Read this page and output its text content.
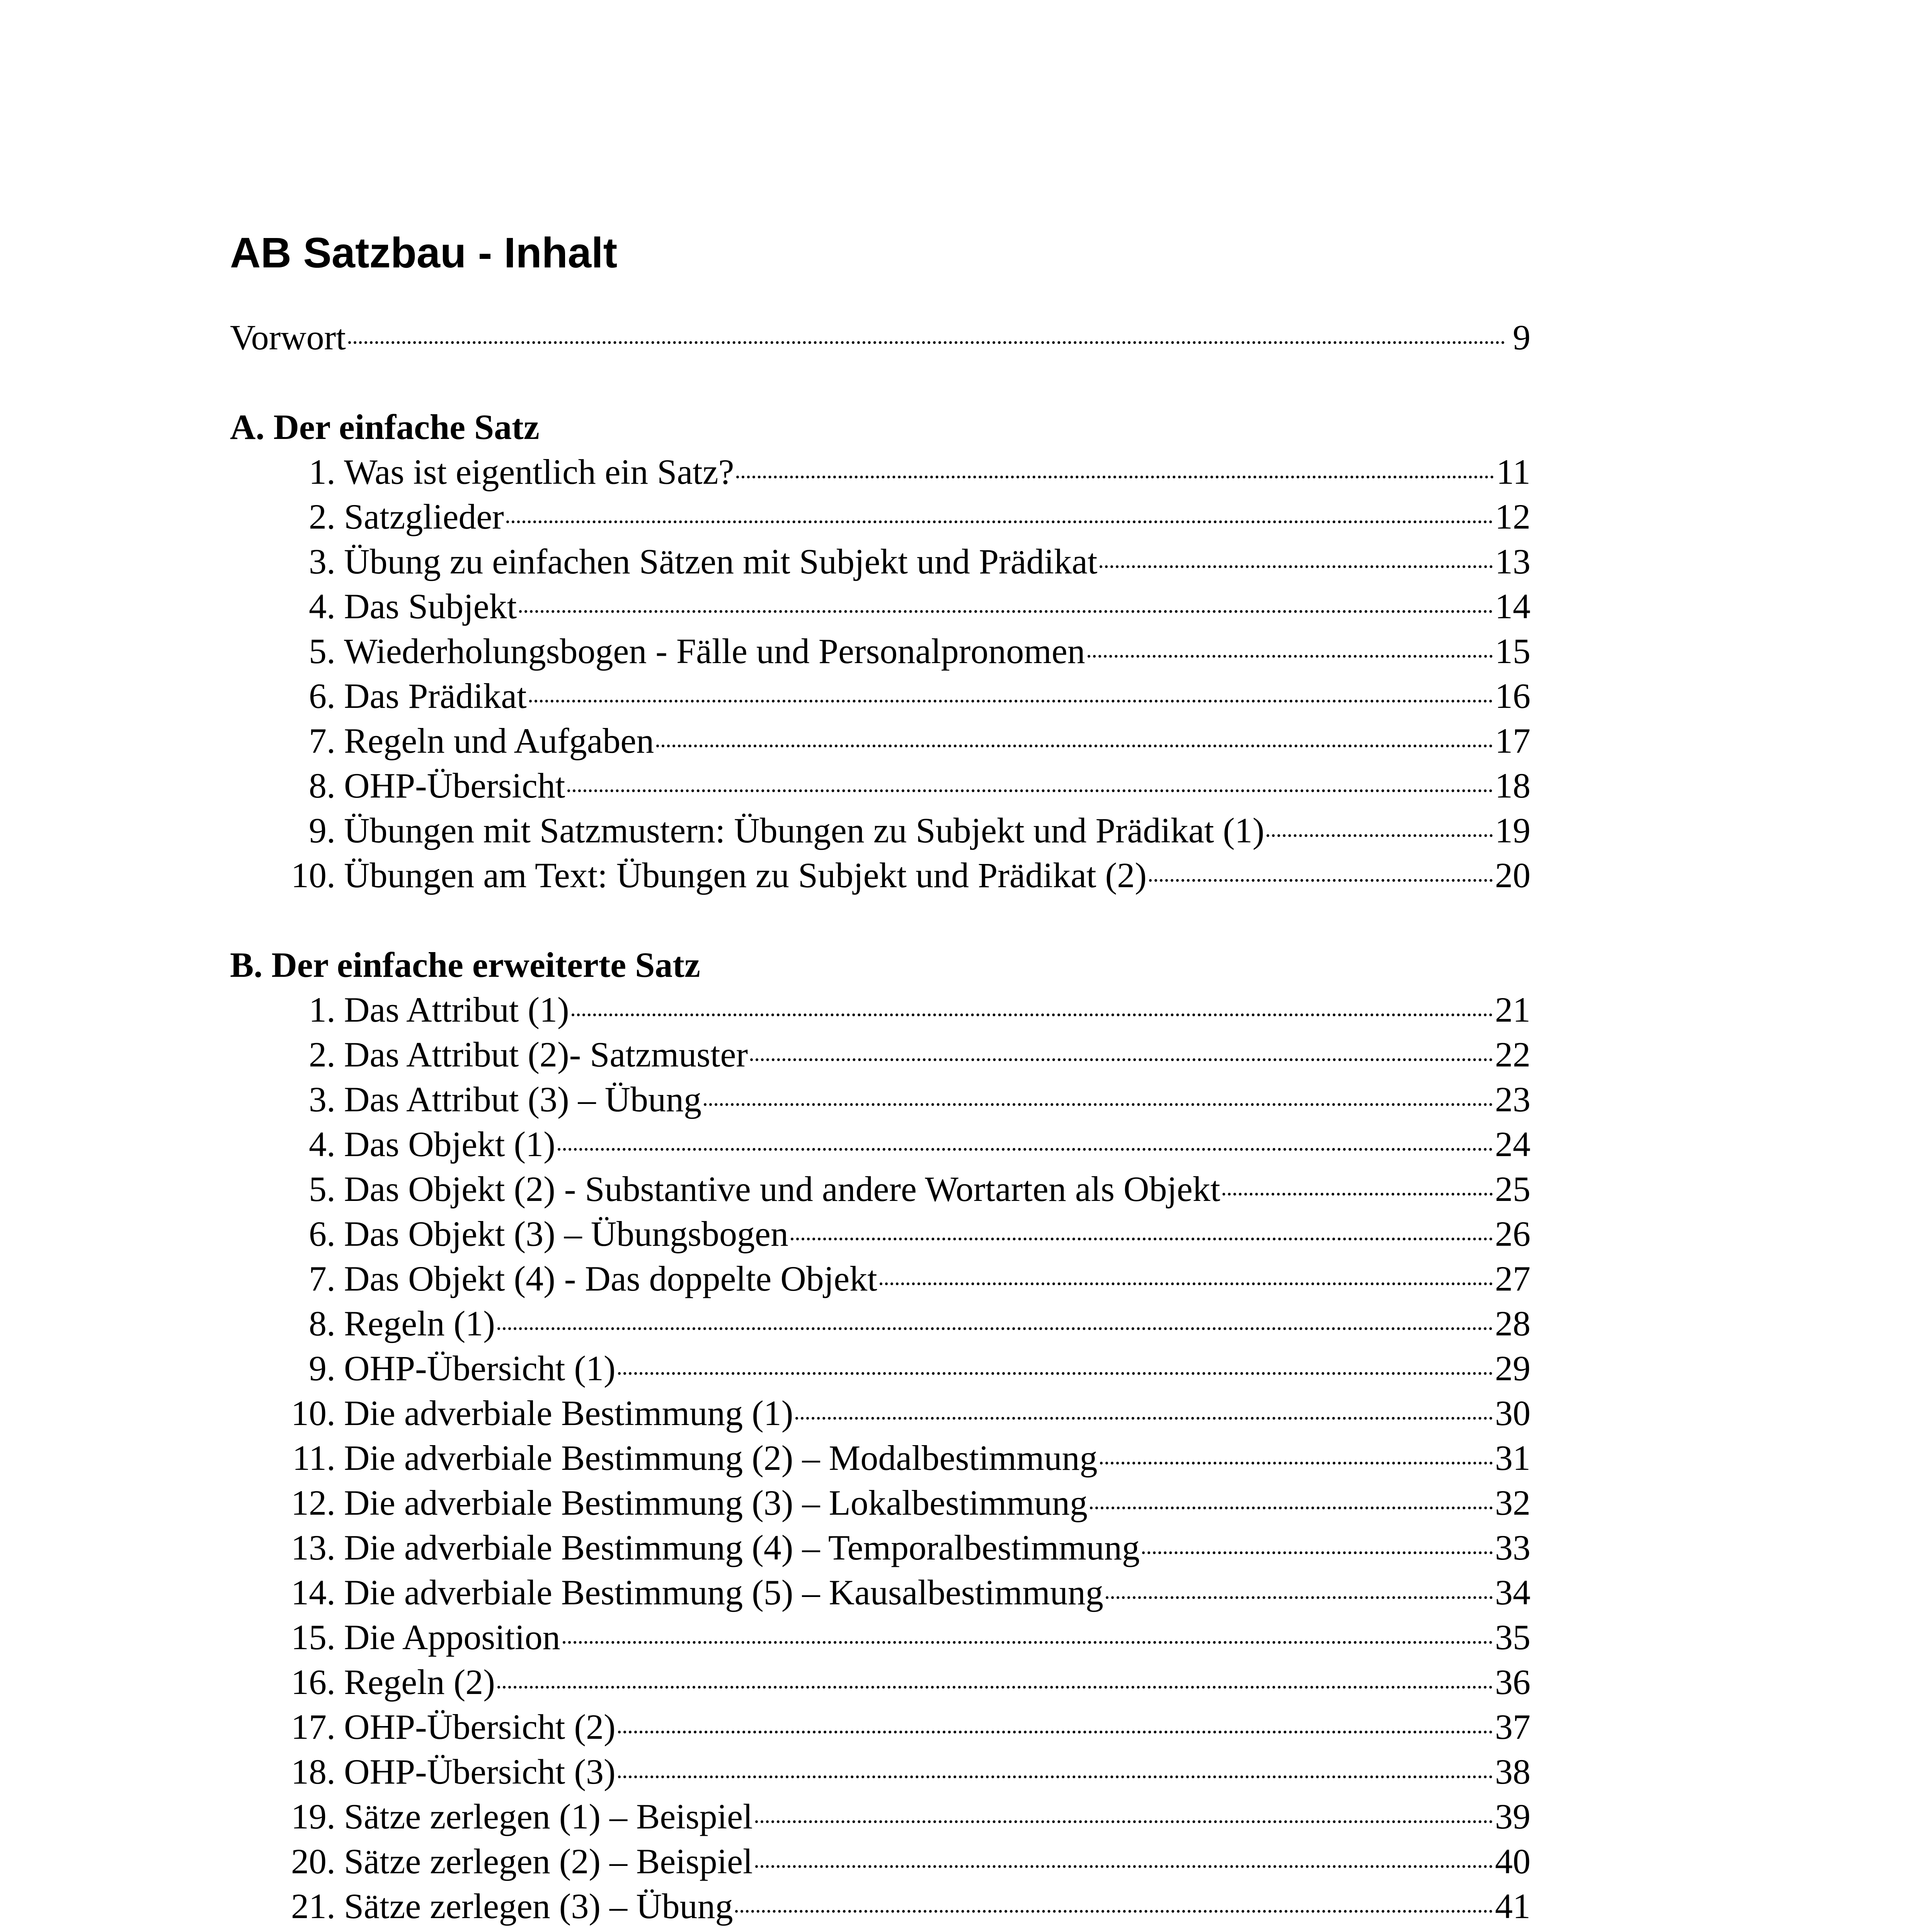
AB Satzbau - Inhalt
Vorwort	9
A. Der einfache Satz
1. Was ist eigentlich ein Satz?	11
2. Satzglieder	12
3. Übung zu einfachen Sätzen mit Subjekt und Prädikat	13
4. Das Subjekt	14
5. Wiederholungsbogen - Fälle und Personalpronomen	15
6. Das Prädikat	16
7. Regeln und Aufgaben	17
8. OHP-Übersicht	18
9. Übungen mit Satzmustern: Übungen zu Subjekt und Prädikat (1)	19
10. Übungen am Text: Übungen zu Subjekt und Prädikat (2)	20
B. Der einfache erweiterte Satz
1. Das Attribut (1)	21
2. Das Attribut (2)- Satzmuster	22
3. Das Attribut (3) – Übung	23
4. Das Objekt (1)	24
5. Das Objekt (2) - Substantive und andere Wortarten als Objekt	25
6. Das Objekt (3) – Übungsbogen	26
7. Das Objekt (4) - Das doppelte Objekt	27
8. Regeln (1)	28
9. OHP-Übersicht (1)	29
10. Die adverbiale Bestimmung (1)	30
11. Die adverbiale Bestimmung (2) – Modalbestimmung	31
12. Die adverbiale Bestimmung (3) – Lokalbestimmung	32
13. Die adverbiale Bestimmung (4) – Temporalbestimmung	33
14. Die adverbiale Bestimmung (5) – Kausalbestimmung	34
15. Die Apposition	35
16. Regeln (2)	36
17. OHP-Übersicht (2)	37
18. OHP-Übersicht (3)	38
19. Sätze zerlegen (1) – Beispiel	39
20. Sätze zerlegen (2) – Beispiel	40
21. Sätze zerlegen (3) – Übung	41
